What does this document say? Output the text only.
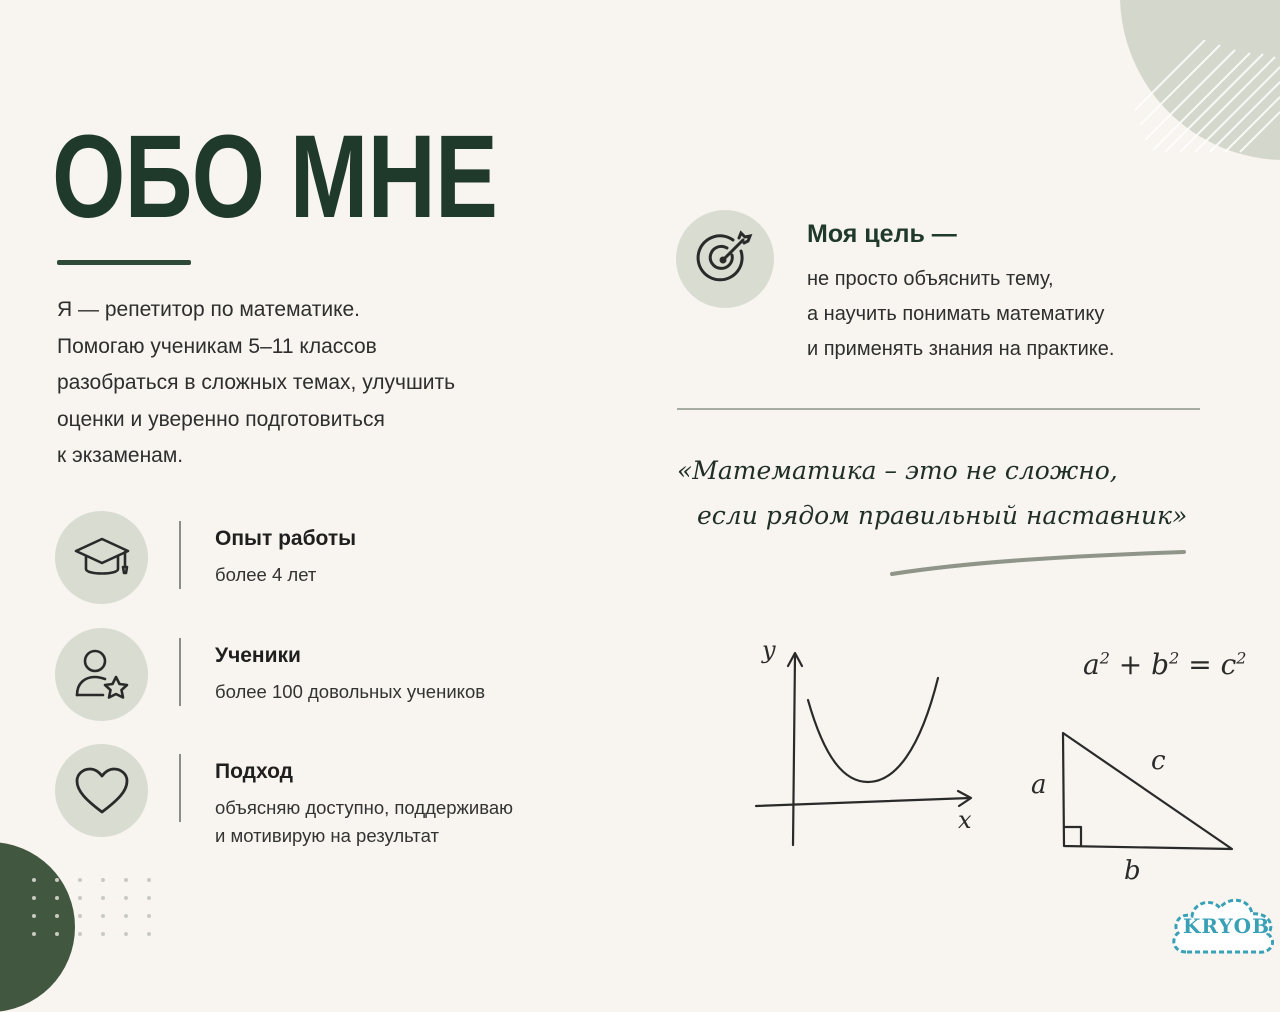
ОБО МНЕ
Я — репетитор по математике.
Помогаю ученикам 5–11 классов
разобраться в сложных темах, улучшить
оценки и уверенно подготовиться
к экзаменам.
Опыт работы
более 4 лет
Ученики
более 100 довольных учеников
Подход
объясняю доступно, поддерживаю
и мотивирую на результат
Моя цель —
не просто объяснить тему,
а научить понимать математику
и применять знания на практике.
«Математика – это не сложно,
если рядом правильный наставник»
y
x
$a^2 + b^2 = c^2$
a
c
b
KRYOB
